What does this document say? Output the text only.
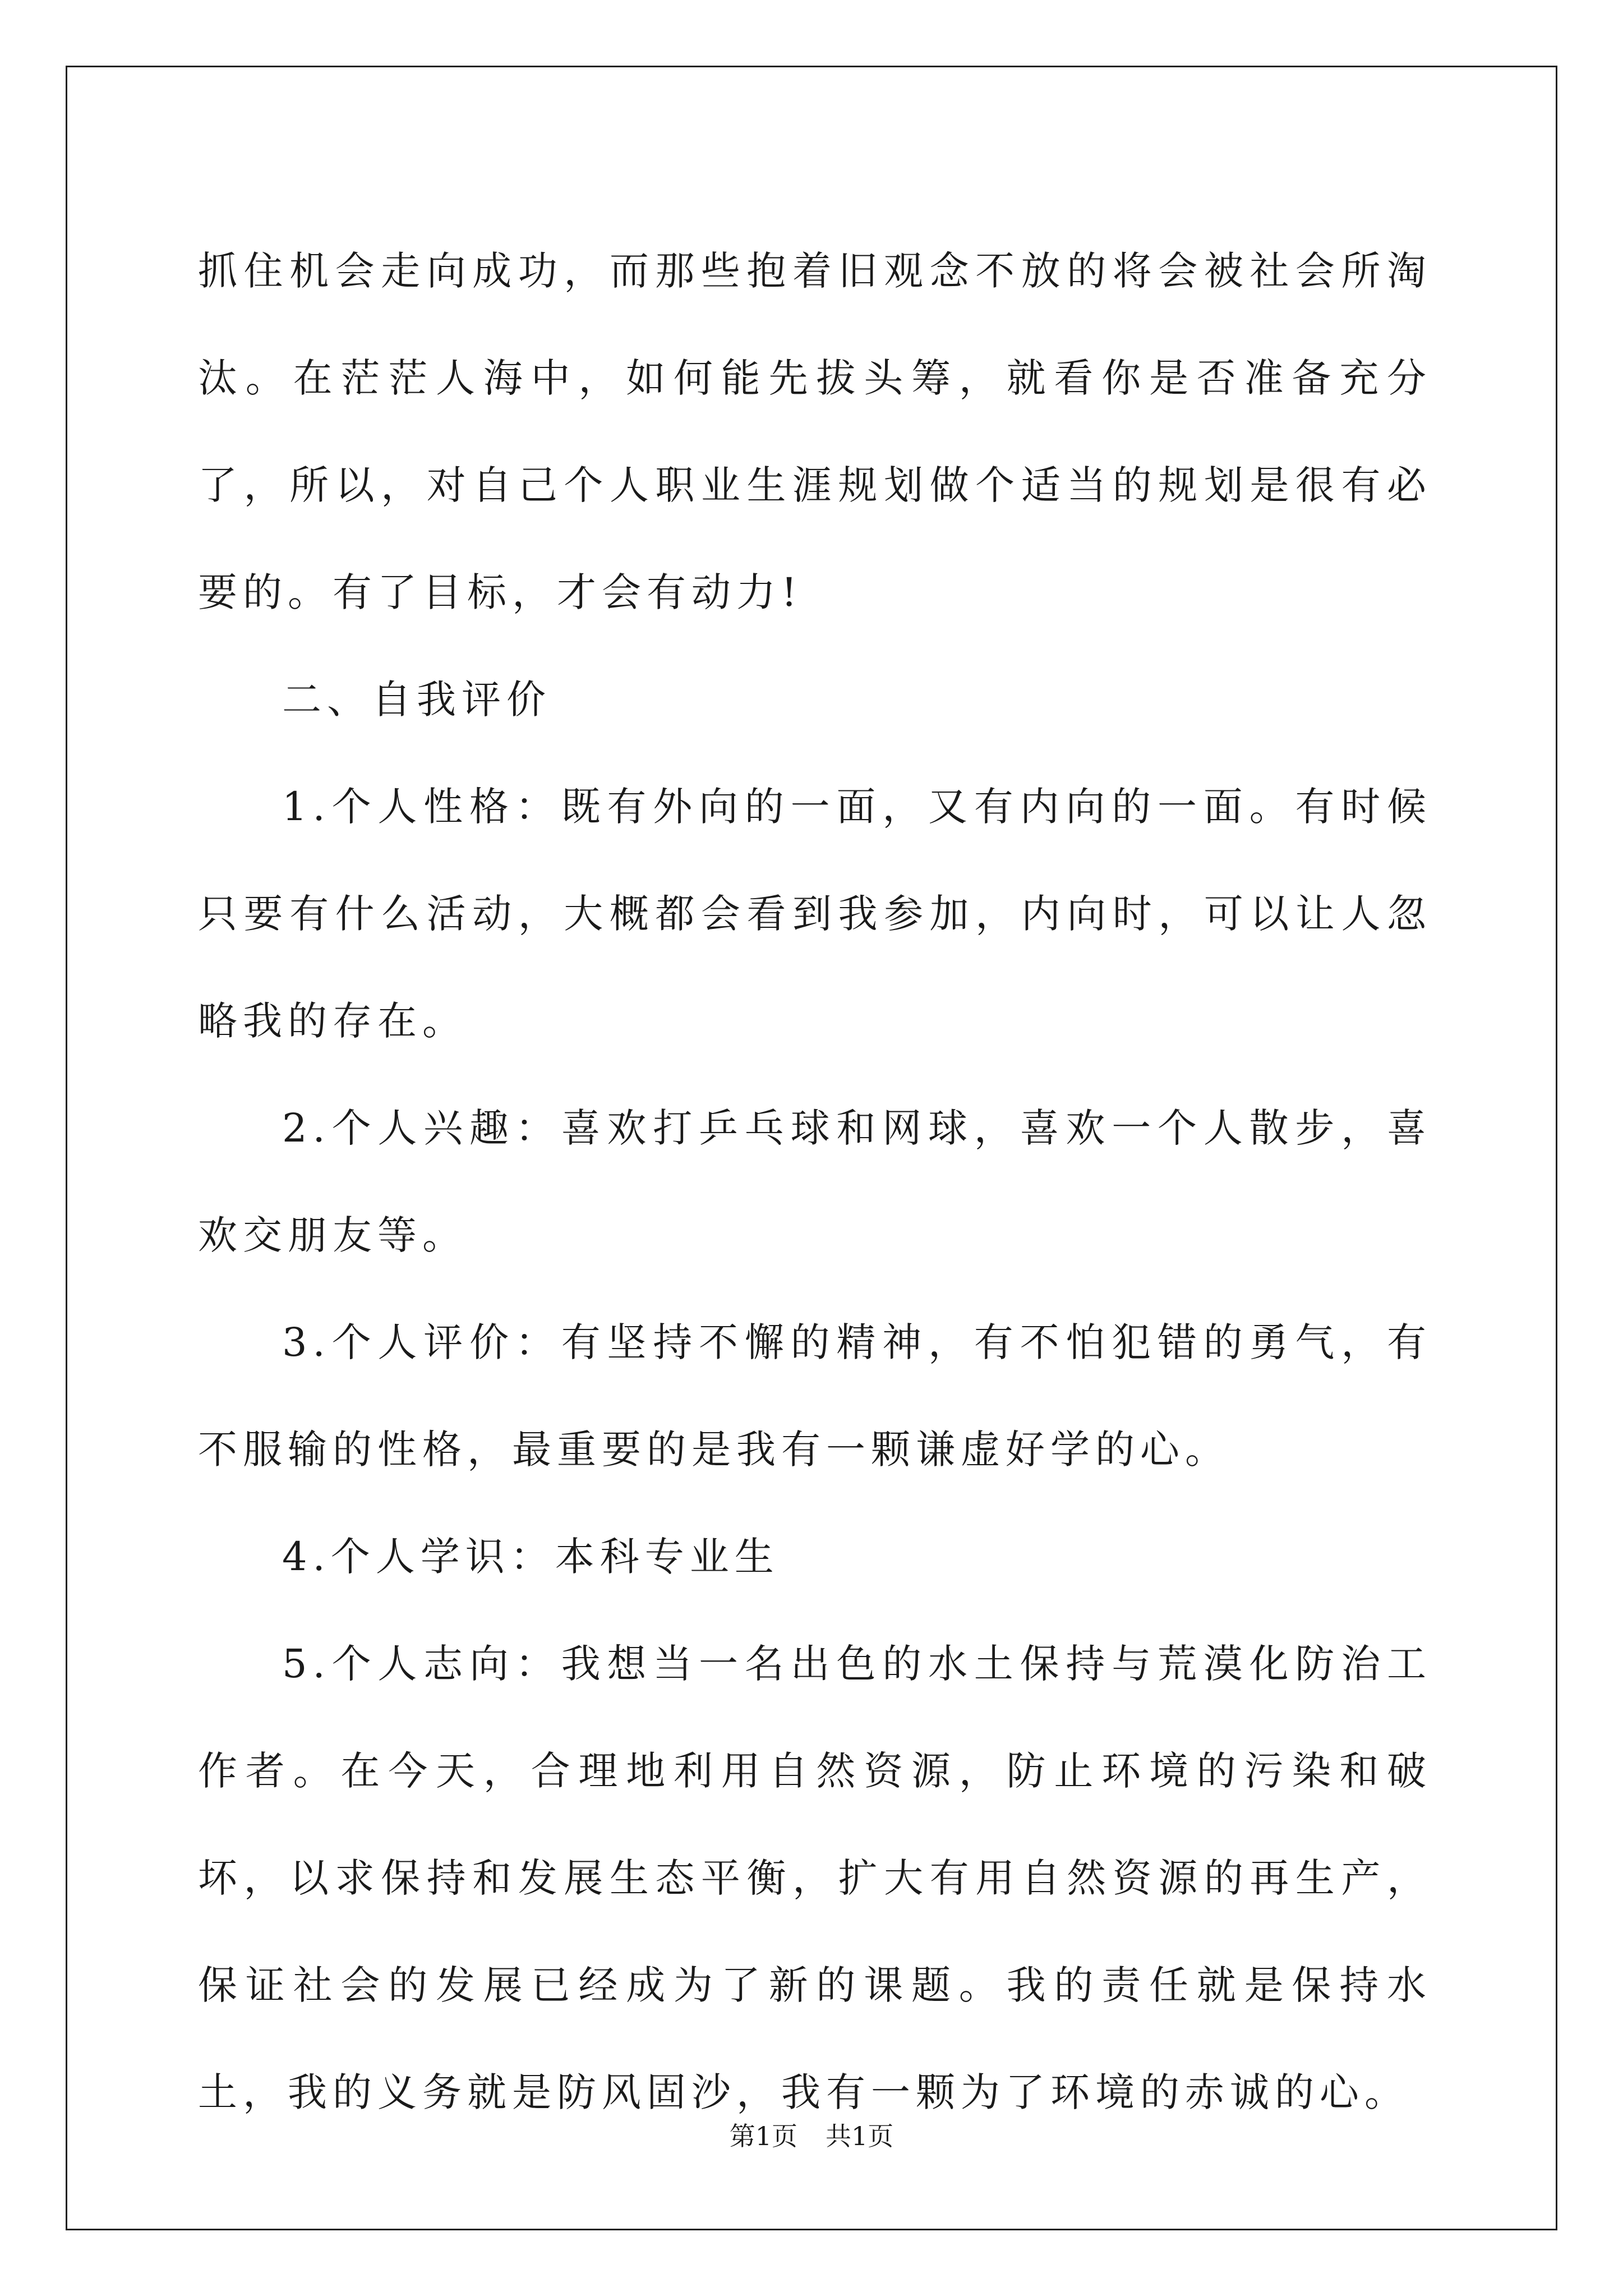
抓住机会走向成功，而那些抱着旧观念不放的将会被社会所淘汰。在茫茫人海中，如何能先拔头筹，就看你是否准备充分了，所以，对自己个人职业生涯规划做个适当的规划是很有必要的。有了目标，才会有动力!

二、自我评价

1.个人性格：既有外向的一面，又有内向的一面。有时候只要有什么活动，大概都会看到我参加，内向时，可以让人忽略我的存在。

2.个人兴趣：喜欢打乒乓球和网球，喜欢一个人散步，喜欢交朋友等。

3.个人评价：有坚持不懈的精神，有不怕犯错的勇气，有不服输的性格，最重要的是我有一颗谦虚好学的心。

4.个人学识：本科专业生

5.个人志向：我想当一名出色的水土保持与荒漠化防治工作者。在今天，合理地利用自然资源，防止环境的污染和破坏，以求保持和发展生态平衡，扩大有用自然资源的再生产，保证社会的发展已经成为了新的课题。我的责任就是保持水土，我的义务就是防风固沙，我有一颗为了环境的赤诚的心。

第1页 共1页
